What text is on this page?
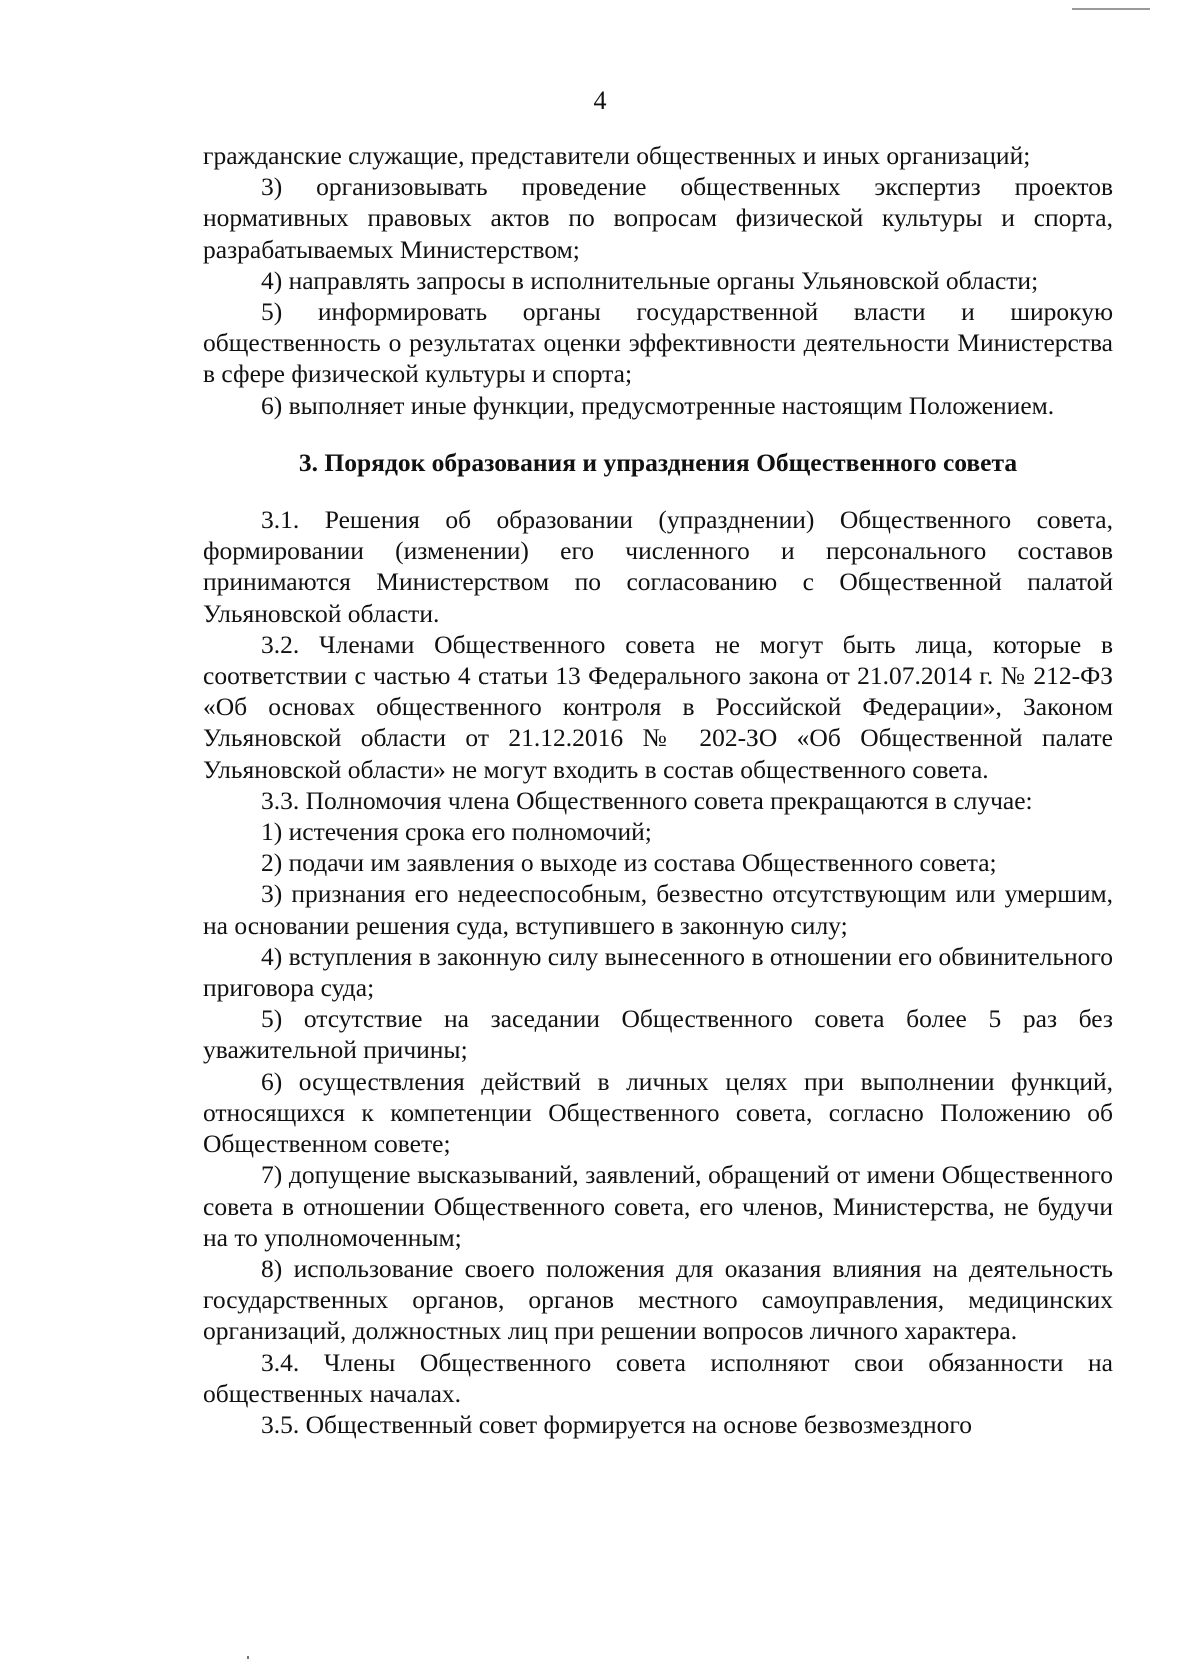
4

гражданские служащие, представители общественных и иных организаций;

3) организовывать проведение общественных экспертиз проектов нормативных правовых актов по вопросам физической культуры и спорта, разрабатываемых Министерством;

4) направлять запросы в исполнительные органы Ульяновской области;

5) информировать органы государственной власти и широкую общественность о результатах оценки эффективности деятельности Министерства в сфере физической культуры и спорта;

6) выполняет иные функции, предусмотренные настоящим Положением.

3. Порядок образования и упразднения Общественного совета

3.1. Решения об образовании (упразднении) Общественного совета, формировании (изменении) его численного и персонального составов принимаются Министерством по согласованию с Общественной палатой Ульяновской области.

3.2. Членами Общественного совета не могут быть лица, которые в соответствии с частью 4 статьи 13 Федерального закона от 21.07.2014 г. № 212-ФЗ «Об основах общественного контроля в Российской Федерации», Законом Ульяновской области от 21.12.2016 № 202-ЗО «Об Общественной палате Ульяновской области» не могут входить в состав общественного совета.

3.3. Полномочия члена Общественного совета прекращаются в случае:

1) истечения срока его полномочий;

2) подачи им заявления о выходе из состава Общественного совета;

3) признания его недееспособным, безвестно отсутствующим или умершим, на основании решения суда, вступившего в законную силу;

4) вступления в законную силу вынесенного в отношении его обвинительного приговора суда;

5) отсутствие на заседании Общественного совета более 5 раз без уважительной причины;

6) осуществления действий в личных целях при выполнении функций, относящихся к компетенции Общественного совета, согласно Положению об Общественном совете;

7) допущение высказываний, заявлений, обращений от имени Общественного совета в отношении Общественного совета, его членов, Министерства, не будучи на то уполномоченным;

8) использование своего положения для оказания влияния на деятельность государственных органов, органов местного самоуправления, медицинских организаций, должностных лиц при решении вопросов личного характера.

3.4. Члены Общественного совета исполняют свои обязанности на общественных началах.

3.5. Общественный совет формируется на основе безвозмездного
